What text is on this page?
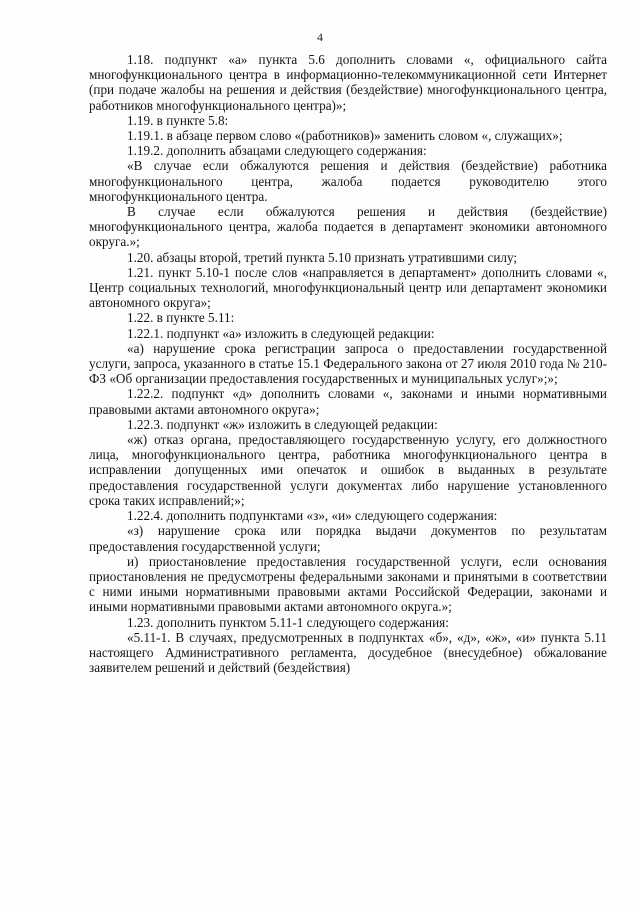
4

1.18. подпункт «а» пункта 5.6 дополнить словами «, официального сайта многофункционального центра в информационно-телекоммуникационной сети Интернет (при подаче жалобы на решения и действия (бездействие) многофункционального центра, работников многофункционального центра)»;

1.19. в пункте 5.8:

1.19.1. в абзаце первом слово «(работников)» заменить словом «, служащих»;

1.19.2. дополнить абзацами следующего содержания:

«В случае если обжалуются решения и действия (бездействие) работника многофункционального центра, жалоба подается руководителю этого многофункционального центра.

В случае если обжалуются решения и действия (бездействие) многофункционального центра, жалоба подается в департамент экономики автономного округа.»;

1.20. абзацы второй, третий пункта 5.10 признать утратившими силу;

1.21. пункт 5.10-1 после слов «направляется в департамент» дополнить словами «, Центр социальных технологий, многофункциональный центр или департамент экономики автономного округа»;

1.22. в пункте 5.11:

1.22.1. подпункт «а» изложить в следующей редакции:

«а) нарушение срока регистрации запроса о предоставлении государственной услуги, запроса, указанного в статье 15.1 Федерального закона от 27 июля 2010 года № 210-ФЗ «Об организации предоставления государственных и муниципальных услуг»;»;

1.22.2. подпункт «д» дополнить словами «, законами и иными нормативными правовыми актами автономного округа»;

1.22.3. подпункт «ж» изложить в следующей редакции:

«ж) отказ органа, предоставляющего государственную услугу, его должностного лица, многофункционального центра, работника многофункционального центра в исправлении допущенных ими опечаток и ошибок в выданных в результате предоставления государственной услуги документах либо нарушение установленного срока таких исправлений;»;

1.22.4. дополнить подпунктами «з», «и» следующего содержания:

«з) нарушение срока или порядка выдачи документов по результатам предоставления государственной услуги;

и) приостановление предоставления государственной услуги, если основания приостановления не предусмотрены федеральными законами и принятыми в соответствии с ними иными нормативными правовыми актами Российской Федерации, законами и иными нормативными правовыми актами автономного округа.»;

1.23. дополнить пунктом 5.11-1 следующего содержания:

«5.11-1. В случаях, предусмотренных в подпунктах «б», «д», «ж», «и» пункта 5.11 настоящего Административного регламента, досудебное (внесудебное) обжалование заявителем решений и действий (бездействия)
